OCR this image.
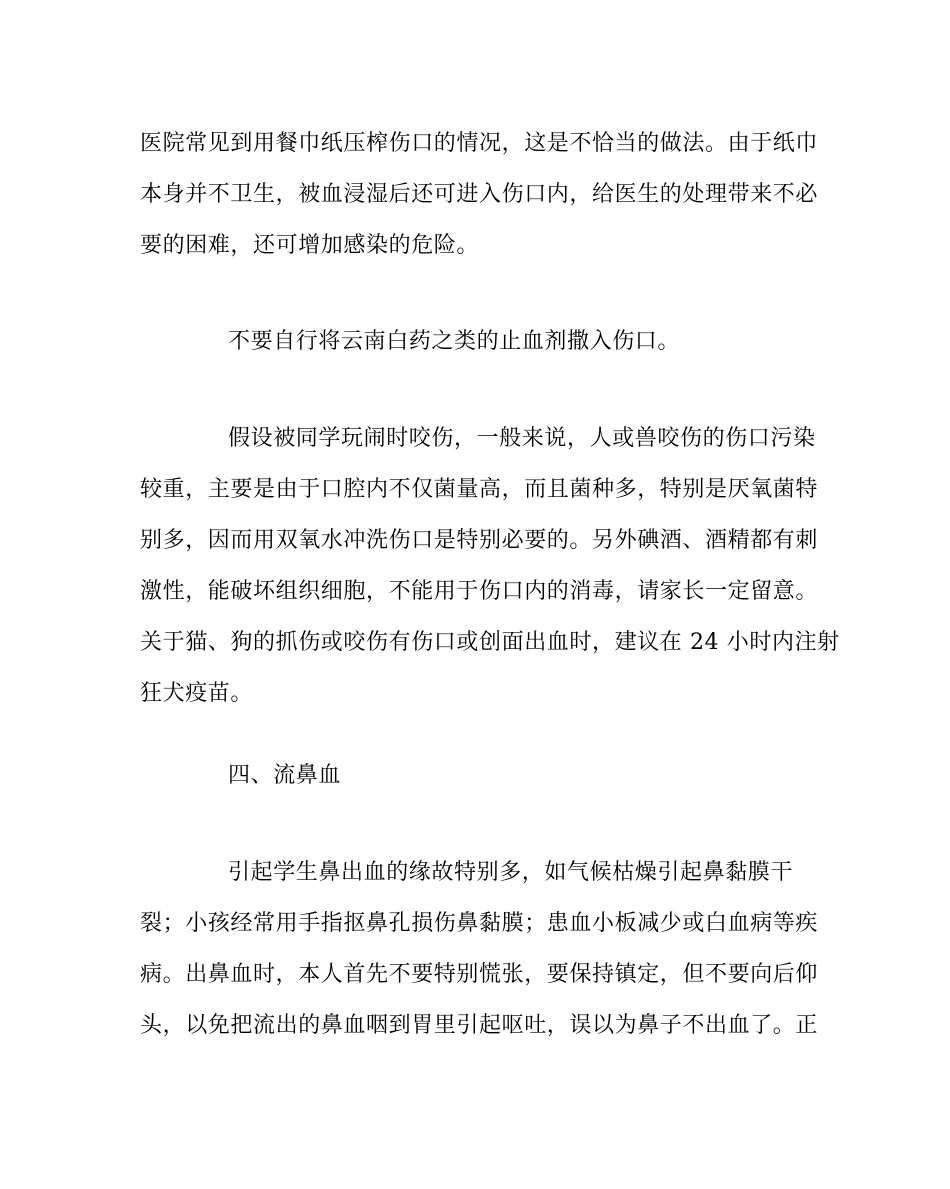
医院常见到用餐巾纸压榨伤口的情况，这是不恰当的做法。由于纸巾
本身并不卫生，被血浸湿后还可进入伤口内，给医生的处理带来不必
要的困难，还可增加感染的危险。
不要自行将云南白药之类的止血剂撒入伤口。
假设被同学玩闹时咬伤，一般来说，人或兽咬伤的伤口污染
较重，主要是由于口腔内不仅菌量高，而且菌种多，特别是厌氧菌特
别多，因而用双氧水冲洗伤口是特别必要的。另外碘酒、酒精都有刺
激性，能破坏组织细胞，不能用于伤口内的消毒，请家长一定留意。
关于猫、狗的抓伤或咬伤有伤口或创面出血时，建议在 24 小时内注射
狂犬疫苗。
四、流鼻血
引起学生鼻出血的缘故特别多，如气候枯燥引起鼻黏膜干
裂；小孩经常用手指抠鼻孔损伤鼻黏膜；患血小板减少或白血病等疾
病。出鼻血时，本人首先不要特别慌张，要保持镇定，但不要向后仰
头，以免把流出的鼻血咽到胃里引起呕吐，误以为鼻子不出血了。正
